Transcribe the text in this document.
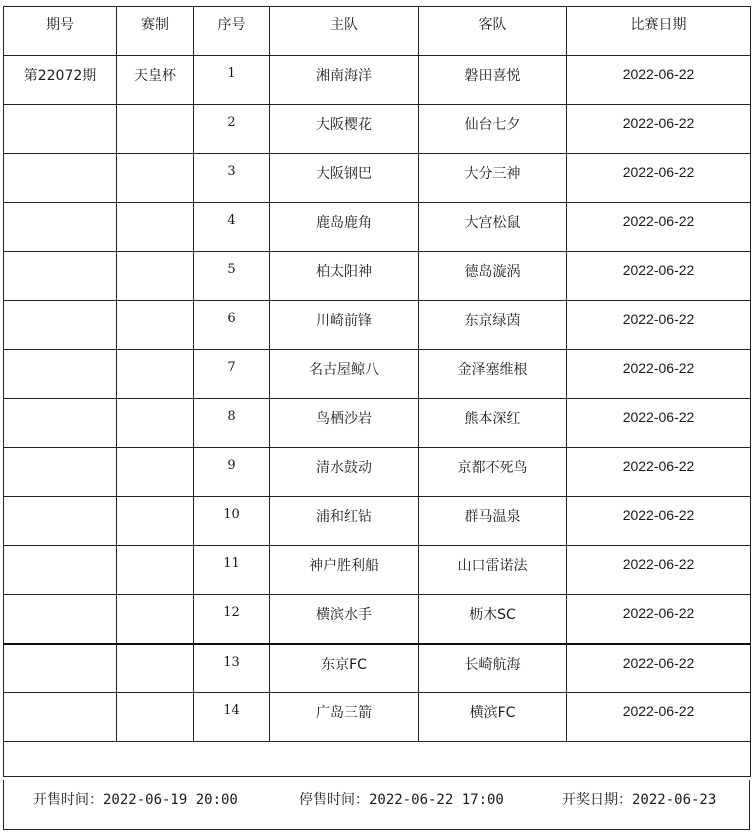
期号	赛制	序号	主队	客队	比赛日期
第22072期	天皇杯	1	湘南海洋	磐田喜悦	2022-06-22
		2	大阪樱花	仙台七夕	2022-06-22
		3	大阪钢巴	大分三神	2022-06-22
		4	鹿岛鹿角	大宫松鼠	2022-06-22
		5	柏太阳神	德岛漩涡	2022-06-22
		6	川崎前锋	东京绿茵	2022-06-22
		7	名古屋鲸八	金泽塞维根	2022-06-22
		8	鸟栖沙岩	熊本深红	2022-06-22
		9	清水鼓动	京都不死鸟	2022-06-22
		10	浦和红钻	群马温泉	2022-06-22
		11	神户胜利船	山口雷诺法	2022-06-22
		12	横滨水手	枥木SC	2022-06-22
		13	东京FC	长崎航海	2022-06-22
		14	广岛三箭	横滨FC	2022-06-22

开售时间：2022-06-19 20:00	停售时间：2022-06-22 17:00	开奖日期：2022-06-23
